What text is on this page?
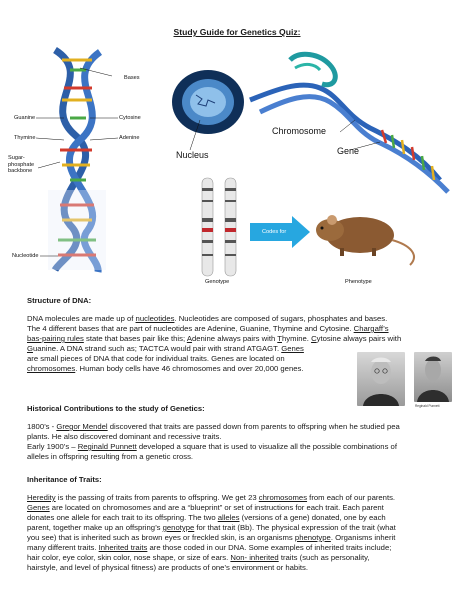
Study Guide for Genetics Quiz:
Bases
Guanine	Cytosine
Thymine	Adenine
Sugar-
phosphate
backbone
Nucleotide
Nucleus
Chromosome
Gene
Codes for
Genotype	Phenotype
Structure of DNA:
DNA molecules are made up of nucleotides. Nucleotides are composed of sugars, phosphates and bases.
The 4 different bases that are part of nucleotides are Adenine, Guanine, Thymine and Cytosine. Chargaff’s
bas-pairing rules state that bases pair like this; Adenine always pairs with Thymine. Cytosine always pairs with
Guanine. A DNA strand such as; TACTCA would pair with strand ATGAGT. Genes
are small pieces of DNA that code for individual traits. Genes are located on
chromosomes. Human body cells have 46 chromosomes and over 20,000 genes.
Reginald Punnett
Historical Contributions to the study of Genetics:
1800’s - Gregor Mendel discovered that traits are passed down from parents to offspring when he studied pea
plants. He also discovered dominant and recessive traits.
Early 1900’s – Reginald Punnett developed a square that is used to visualize all the possible combinations of
alleles in offspring resulting from a genetic cross.
Inheritance of Traits:
Heredity is the passing of traits from parents to offspring. We get 23 chromosomes from each of our parents.
Genes are located on chromosomes and are a “blueprint” or set of instructions for each trait. Each parent
donates one allele for each trait to its offspring. The two alleles (versions of a gene) donated, one by each
parent, together make up an offspring’s genotype for that trait (Bb). The physical expression of the trait (what
you see) that is inherited such as brown eyes or freckled skin, is an organisms phenotype. Organisms inherit
many different traits. Inherited traits are those coded in our DNA. Some examples of inherited traits include;
hair color, eye color, skin color, nose shape, or size of ears. Non- inherited traits (such as personality,
hairstyle, and level of physical fitness) are products of one’s environment or habits.
